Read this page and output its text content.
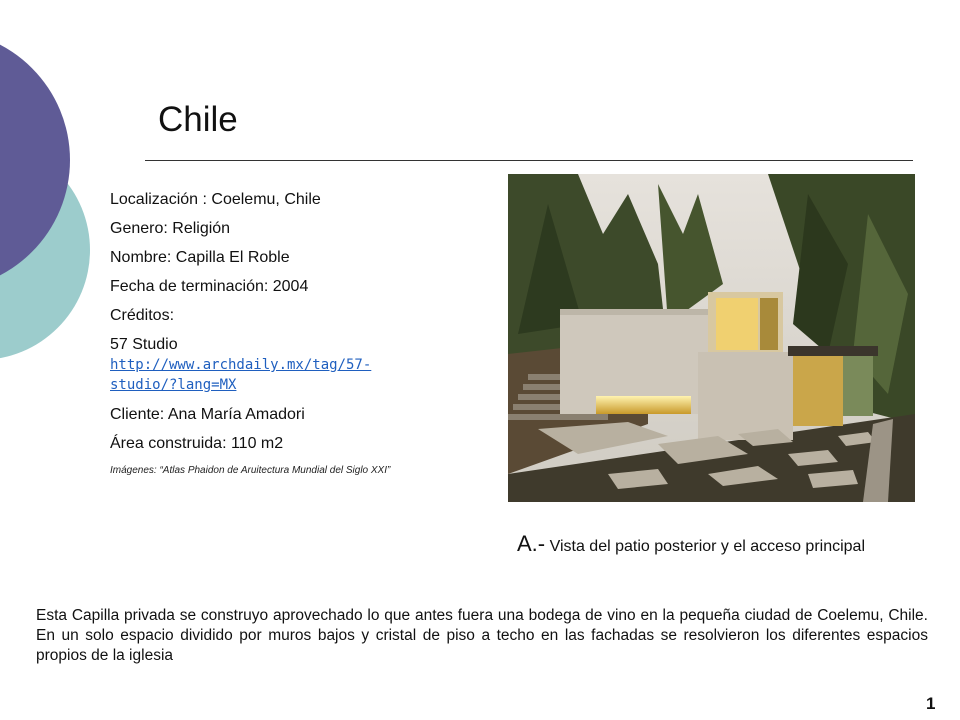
Chile
Localización : Coelemu, Chile
Genero: Religión
Nombre: Capilla El Roble
Fecha de terminación: 2004
Créditos:
57 Studio
http://www.archdaily.mx/tag/57-
studio/?lang=MX
Cliente: Ana María Amadori
Área construida: 110 m2
Imágenes: “Atlas Phaidon de Aruitectura Mundial del Siglo XXI”
A.- Vista del patio posterior y el acceso principal
Esta Capilla privada se construyo aprovechado lo que antes fuera una bodega de vino en la pequeña ciudad de Coelemu, Chile. En un solo espacio dividido por muros bajos y cristal de piso a techo en las fachadas se resolvieron los diferentes espacios propios de la iglesia
1
